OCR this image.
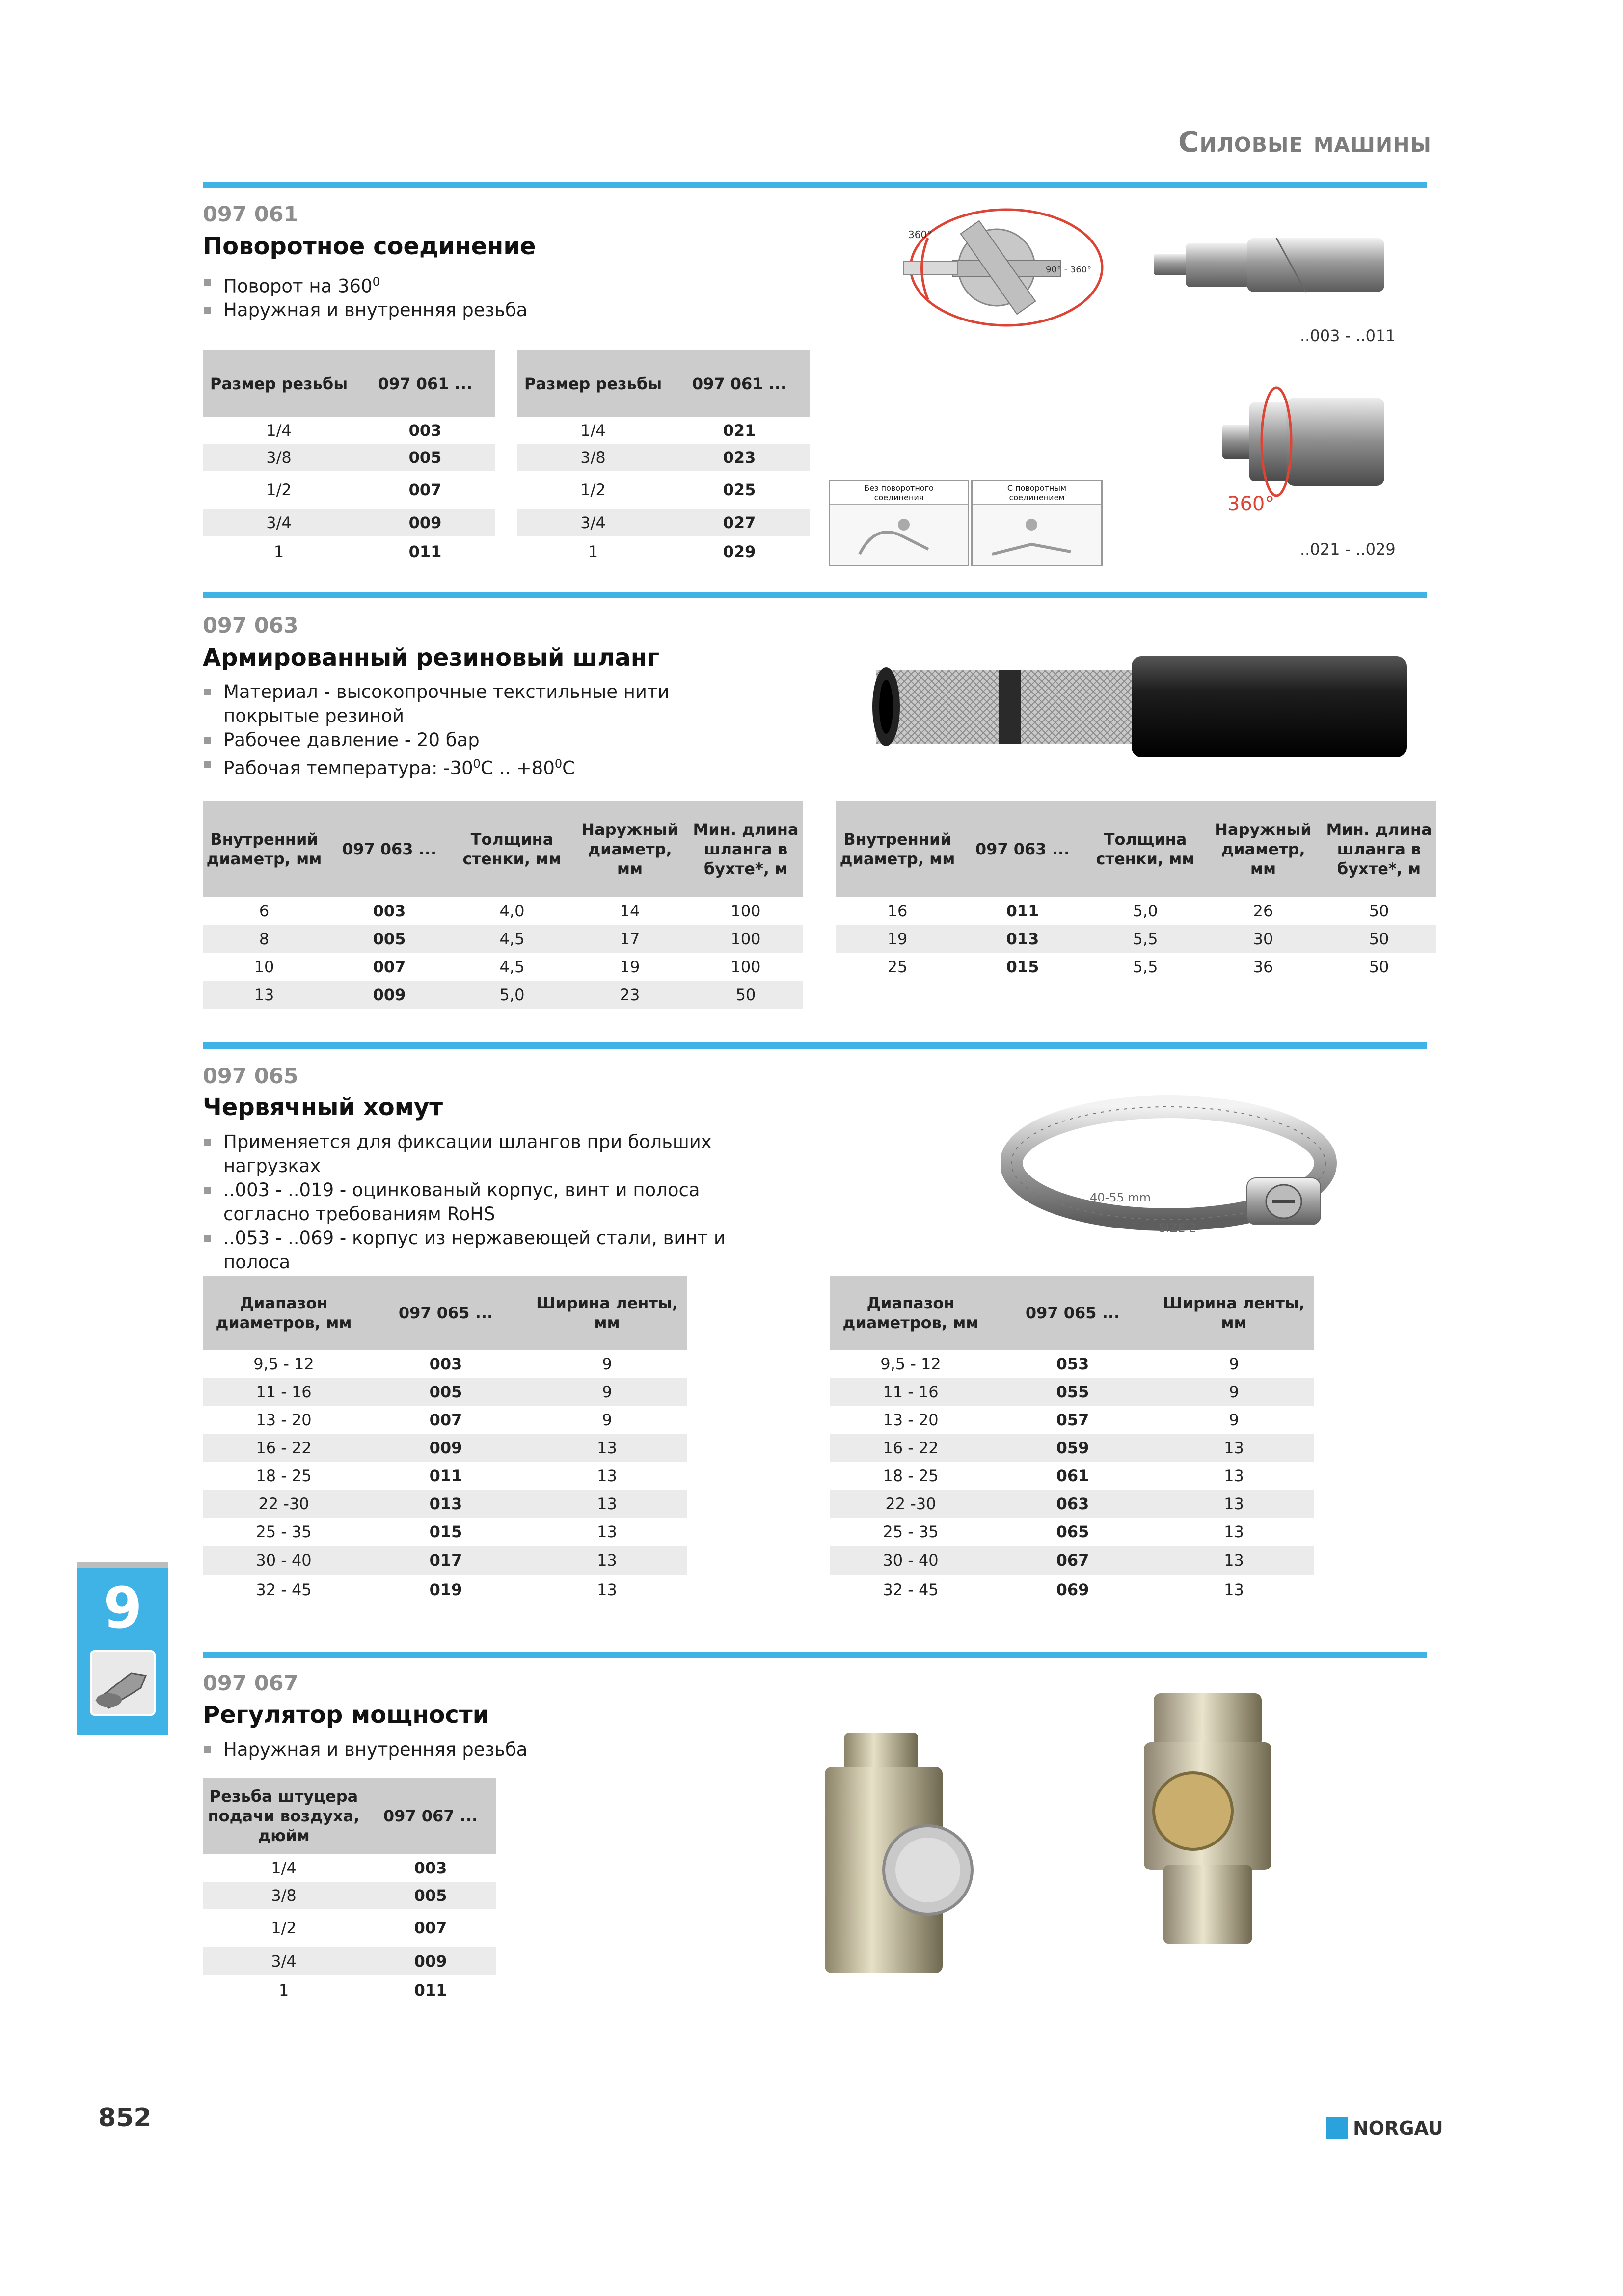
Силовые машины
097 061
Поворотное соединение
Поворот на $360^0$
Наружная и внутренняя резьба
Размер резьбы	097 061 ...
1/4	003
3/8	005
1/2	007
3/4	009
1	011
Размер резьбы	097 061 ...
1/4	021
3/8	023
1/2	025
3/4	027
1	029
360°
90° - 360°
..003 - ..011
360°
..021 - ..029
Без поворотного соединения
С поворотным соединением
097 063
Армированный резиновый шланг
Материал - высокопрочные текстильные нити покрытые резиной
Рабочее давление - 20 бар
Рабочая температура: $-30^0С$ .. $+80^0С$
Внутренний диаметр, мм	097 063 ...	Толщина стенки, мм	Наружный диаметр, мм	Мин. длина шланга в бухте*, м
6	003	4,0	14	100
8	005	4,5	17	100
10	007	4,5	19	100
13	009	5,0	23	50
Внутренний диаметр, мм	097 063 ...	Толщина стенки, мм	Наружный диаметр, мм	Мин. длина шланга в бухте*, м
16	011	5,0	26	50
19	013	5,5	30	50
25	015	5,5	36	50
097 065
Червячный хомут
Применяется для фиксации шлангов при больших нагрузках
..003 - ..019 - оцинкованый корпус, винт и полоса согласно требованиям RoHS
..053 - ..069 - корпус из нержавеющей стали, винт и полоса
40-55 mm
SIZE 2
Диапазон диаметров, мм	097 065 ...	Ширина ленты, мм
9,5 - 12	003	9
11 - 16	005	9
13 - 20	007	9
16 - 22	009	13
18 - 25	011	13
22 -30	013	13
25 - 35	015	13
30 - 40	017	13
32 - 45	019	13
Диапазон диаметров, мм	097 065 ...	Ширина ленты, мм
9,5 - 12	053	9
11 - 16	055	9
13 - 20	057	9
16 - 22	059	13
18 - 25	061	13
22 -30	063	13
25 - 35	065	13
30 - 40	067	13
32 - 45	069	13
9
097 067
Регулятор мощности
Наружная и внутренняя резьба
Резьба штуцера подачи воздуха, дюйм	097 067 ...
1/4	003
3/8	005
1/2	007
3/4	009
1	011
852	NORGAU
